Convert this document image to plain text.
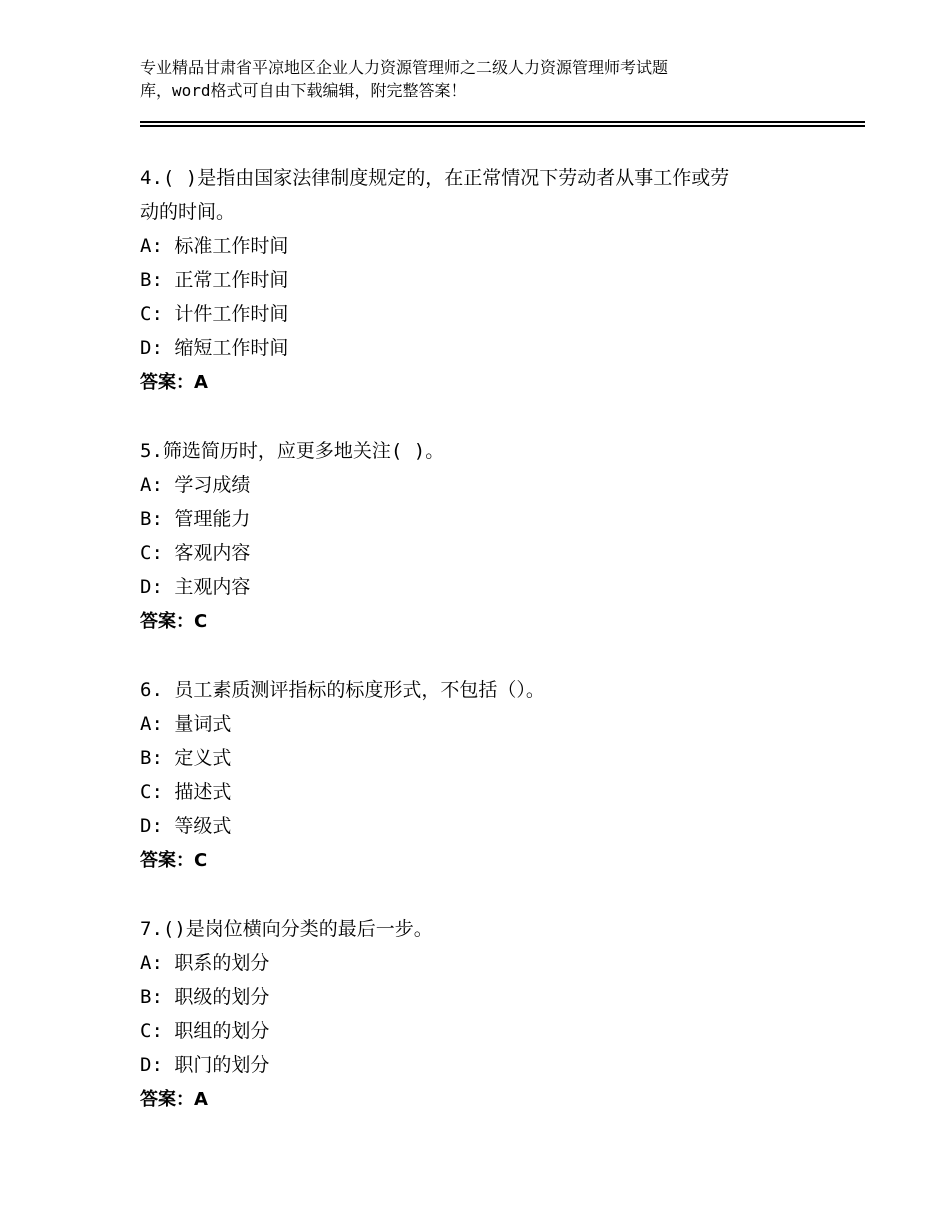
专业精品甘肃省平凉地区企业人力资源管理师之二级人力资源管理师考试题
库，word格式可自由下载编辑，附完整答案！
4.( )是指由国家法律制度规定的，在正常情况下劳动者从事工作或劳
动的时间。
A: 标准工作时间
B: 正常工作时间
C: 计件工作时间
D: 缩短工作时间
答案：A
5.筛选简历时，应更多地关注( )。
A: 学习成绩
B: 管理能力
C: 客观内容
D: 主观内容
答案：C
6. 员工素质测评指标的标度形式，不包括（）。
A: 量词式
B: 定义式
C: 描述式
D: 等级式
答案：C
7.()是岗位横向分类的最后一步。
A: 职系的划分
B: 职级的划分
C: 职组的划分
D: 职门的划分
答案：A
